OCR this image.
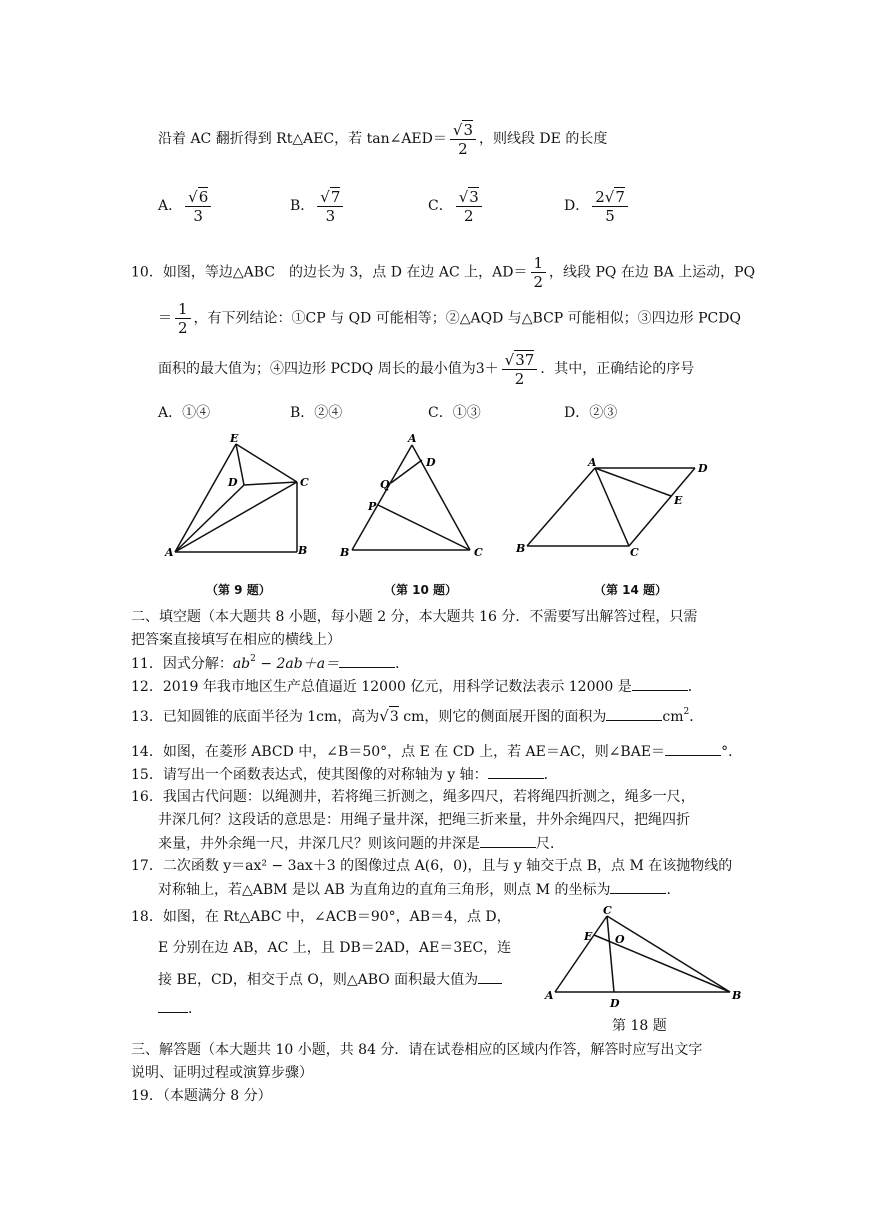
沿着 AC 翻折得到 Rt△AEC，若 tan∠AED＝ $\frac{√3}{2}$ ，则线段 DE 的长度
A． $\frac{√6}{3}$	B． $\frac{√7}{3}$	C． $\frac{√3}{2}$	D． $\frac{2√7}{5}$
10．如图，等边△ABC　的边长为 3，点 D 在边 AC 上，$AD= \frac{1}{2}$ ，线段 PQ 在边 BA 上运动，PQ
＝ $\frac{1}{2}$ ，有下列结论：①CP 与 QD 可能相等；②△AQD 与△BCP 可能相似；③四边形 PCDQ
面积的最大值为；④四边形 PCDQ 周长的最小值为$3+ \frac{√37}{2}$ ．其中，正确结论的序号
A．①④	B．②④	C．①③	D．②③
E
D	C
A	B
A
D
Q
P
B	C
A	D
E
B	C
（第 9 题）	（第 10 题）	（第 14 题）
二、填空题（本大题共 8 小题，每小题 2 分，本大题共 16 分．不需要写出解答过程，只需
把答案直接填写在相应的横线上）
11．因式分解：$ab^2 - 2ab+a=$	．
12．2019 年我市地区生产总值逼近 12000 亿元，用科学记数法表示 12000 是	．
13．已知圆锥的底面半径为 1cm，高为√3 cm，则它的侧面展开图的面积为	$cm^2$．
14．如图，在菱形 ABCD 中，∠B＝50°，点 E 在 CD 上，若 AE＝AC，则∠BAE＝	°．
15．请写出一个函数表达式，使其图像的对称轴为 y 轴：	．
16．我国古代问题：以绳测井，若将绳三折测之，绳多四尺，若将绳四折测之，绳多一尺，
井深几何？这段话的意思是：用绳子量井深，把绳三折来量，井外余绳四尺，把绳四折
来量，井外余绳一尺，井深几尺？则该问题的井深是	尺．
17．二次函数 y＝ax² − 3ax＋3 的图像过点 A(6，0)，且与 y 轴交于点 B，点 M 在该抛物线的
对称轴上，若△ABM 是以 AB 为直角边的直角三角形，则点 M 的坐标为	．
18．如图，在 Rt△ABC 中，∠ACB＝90°，AB＝4，点 D，
E 分别在边 AB，AC 上，且 DB＝2AD，AE＝3EC，连
接 BE，CD，相交于点 O，则△ABO 面积最大值为
．
C
E O
A
D
B
第 18 题
三、解答题（本大题共 10 小题，共 84 分．请在试卷相应的区域内作答，解答时应写出文字
说明、证明过程或演算步骤）
19．（本题满分 8 分）
